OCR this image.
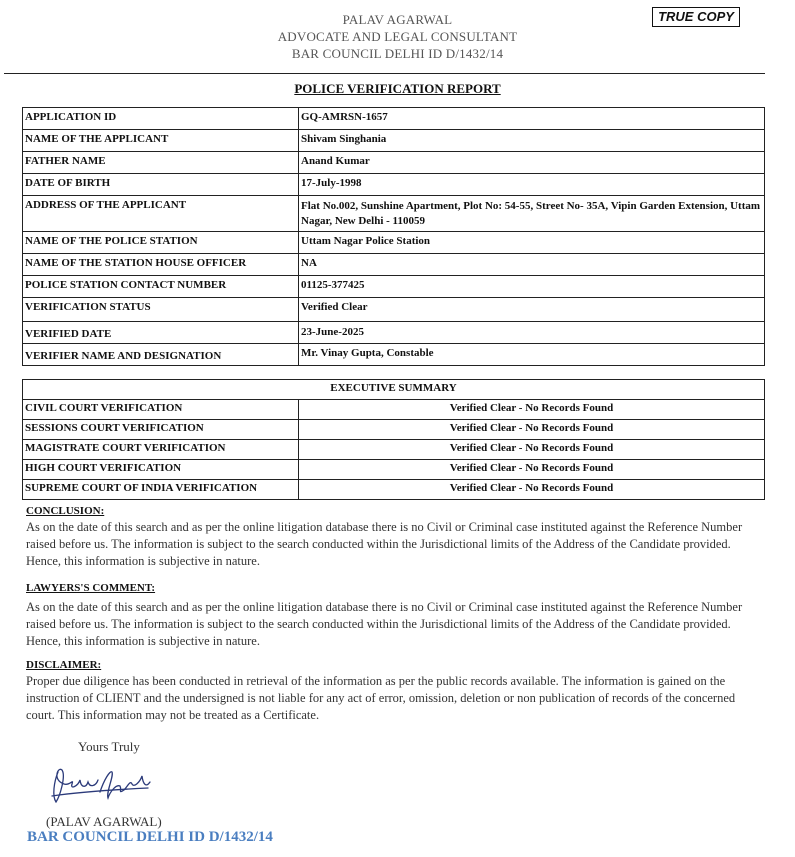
TRUE COPY
PALAV AGARWAL
ADVOCATE AND LEGAL CONSULTANT
BAR COUNCIL DELHI ID D/1432/14
POLICE VERIFICATION REPORT
APPLICATION ID	GQ-AMRSN-1657
NAME OF THE APPLICANT	Shivam Singhania
FATHER NAME	Anand Kumar
DATE OF BIRTH	17-July-1998
ADDRESS OF THE APPLICANT	Flat No.002, Sunshine Apartment, Plot No: 54-55, Street No- 35A, Vipin Garden Extension, Uttam Nagar, New Delhi - 110059
NAME OF THE POLICE STATION	Uttam Nagar Police Station
NAME OF THE STATION HOUSE OFFICER	NA
POLICE STATION CONTACT NUMBER	01125-377425
VERIFICATION STATUS	Verified Clear
VERIFIED DATE	23-June-2025
VERIFIER NAME AND DESIGNATION	Mr. Vinay Gupta, Constable
EXECUTIVE SUMMARY	
CIVIL COURT VERIFICATION	Verified Clear - No Records Found
SESSIONS COURT VERIFICATION	Verified Clear - No Records Found
MAGISTRATE COURT VERIFICATION	Verified Clear - No Records Found
HIGH COURT VERIFICATION	Verified Clear - No Records Found
SUPREME COURT OF INDIA VERIFICATION	Verified Clear - No Records Found
CONCLUSION:
As on the date of this search and as per the online litigation database there is no Civil or Criminal case instituted against the Reference Number raised before us. The information is subject to the search conducted within the Jurisdictional limits of the Address of the Candidate provided. Hence, this information is subjective in nature.
LAWYERS'S COMMENT:
As on the date of this search and as per the online litigation database there is no Civil or Criminal case instituted against the Reference Number raised before us. The information is subject to the search conducted within the Jurisdictional limits of the Address of the Candidate provided. Hence, this information is subjective in nature.
DISCLAIMER:
Proper due diligence has been conducted in retrieval of the information as per the public records available. The information is gained on the instruction of CLIENT and the undersigned is not liable for any act of error, omission, deletion or non publication of records of the concerned court. This information may not be treated as a Certificate.
Yours Truly
(PALAV AGARWAL)
BAR COUNCIL DELHI ID D/1432/14
